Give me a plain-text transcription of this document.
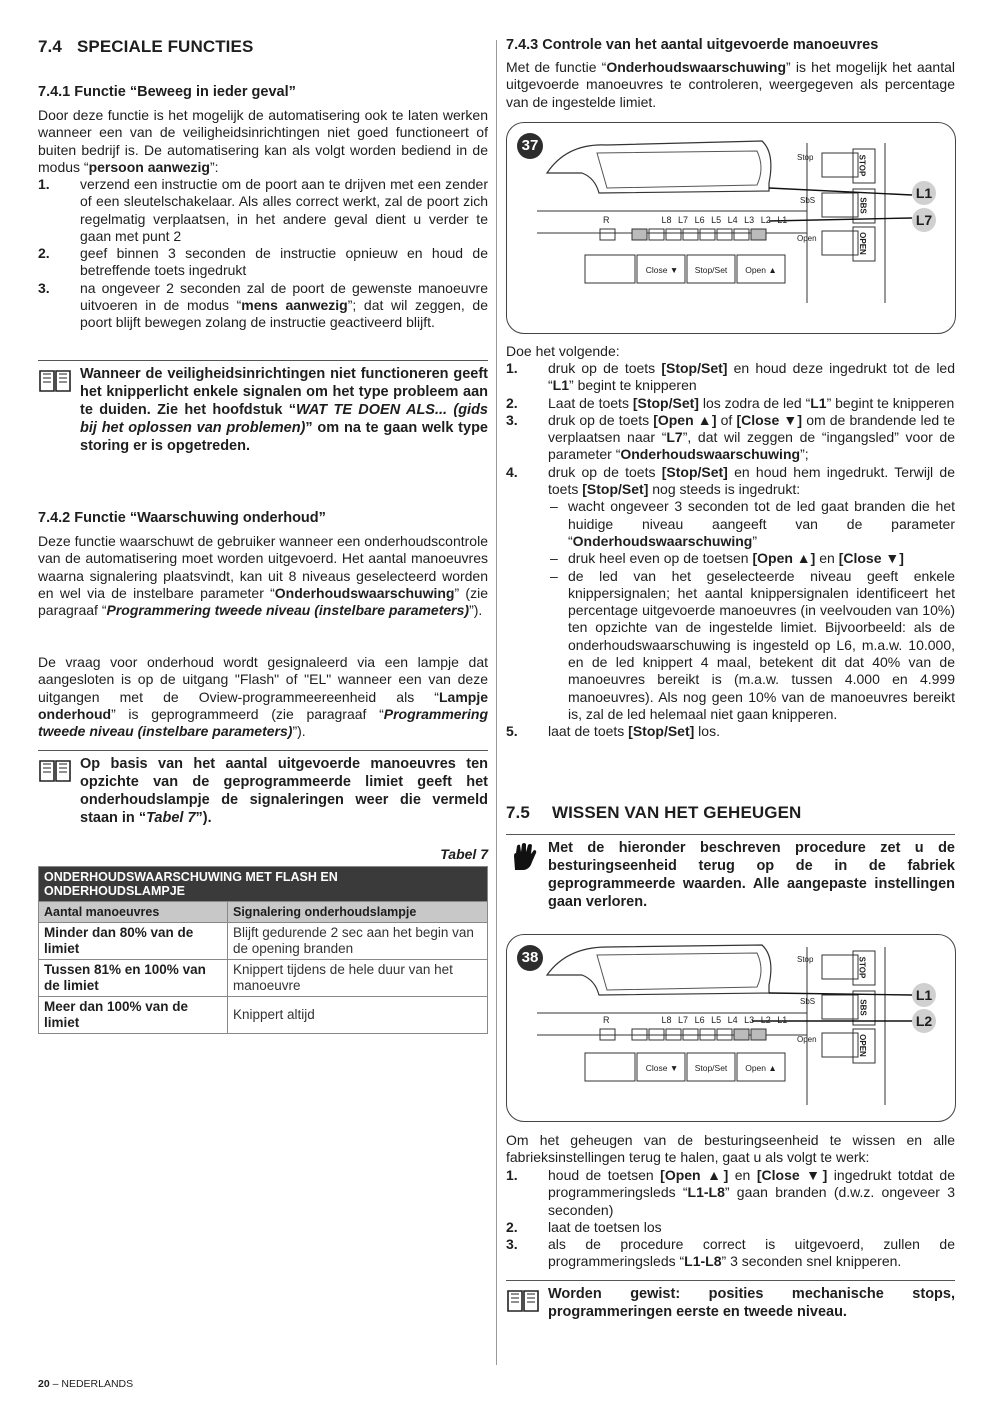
7.4 SPECIALE FUNCTIES
7.4.1 Functie “Beweeg in ieder geval”
Door deze functie is het mogelijk de automatisering ook te laten werken wanneer een van de veiligheidsinrichtingen niet goed functioneert of buiten bedrijf is. De automatisering kan als volgt worden bediend in de modus “persoon aanwezig”:
1. verzend een instructie om de poort aan te drijven met een zender of een sleutelschakelaar. Als alles correct werkt, zal de poort zich regelmatig verplaatsen, in het andere geval dient u verder te gaan met punt 2
2. geef binnen 3 seconden de instructie opnieuw en houd de betreffende toets ingedrukt
3. na ongeveer 2 seconden zal de poort de gewenste manoeuvre uitvoeren in de modus “mens aanwezig”; dat wil zeggen, de poort blijft bewegen zolang de instructie geactiveerd blijft.
Wanneer de veiligheidsinrichtingen niet functioneren geeft het knipperlicht enkele signalen om het type probleem aan te duiden. Zie het hoofdstuk “WAT TE DOEN ALS... (gids bij het oplossen van problemen)” om na te gaan welk type storing er is opgetreden.
7.4.2 Functie “Waarschuwing onderhoud”
Deze functie waarschuwt de gebruiker wanneer een onderhoudscontrole van de automatisering moet worden uitgevoerd. Het aantal manoeuvres waarna signalering plaatsvindt, kan uit 8 niveaus geselecteerd worden en wel via de instelbare parameter “Onderhoudswaarschuwing” (zie paragraaf “Programmering tweede niveau (instelbare parameters)”).
De vraag voor onderhoud wordt gesignaleerd via een lampje dat aangesloten is op de uitgang "Flash" of "EL" wanneer een van deze uitgangen met de Oview-programmeereenheid als “Lampje onderhoud” is geprogrammeerd (zie paragraaf “Programmering tweede niveau (instelbare parameters)”).
Op basis van het aantal uitgevoerde manoeuvres ten opzichte van de geprogrammeerde limiet geeft het onderhoudslampje de signaleringen weer die vermeld staan in “Tabel 7”).
Tabel 7
ONDERHOUDSWAARSCHUWING MET FLASH EN ONDERHOUDSLAMPJE	
Aantal manoeuvres	Signalering onderhoudslampje
Minder dan 80% van de limiet	Blijft gedurende 2 sec aan het begin van de opening branden
Tussen 81% en 100% van de limiet	Knippert tijdens de hele duur van het manoeuvre
Meer dan 100% van de limiet	Knippert altijd
7.4.3 Controle van het aantal uitgevoerde manoeuvres
Met de functie “Onderhoudswaarschuwing” is het mogelijk het aantal uitgevoerde manoeuvres te controleren, weergegeven als percentage van de ingestelde limiet.
37
R	L8 L7 L6 L5 L4 L3 L2 L1
Close ▼	Stop/Set	Open ▲
Stop
SbS
Open
STOP
SBS
OPEN
L1
L7
Doe het volgende:
1. druk op de toets [Stop/Set] en houd deze ingedrukt tot de led “L1” begint te knipperen
2. Laat de toets [Stop/Set] los zodra de led “L1” begint te knipperen
3. druk op de toets [Open ▲] of [Close ▼] om de brandende led te verplaatsen naar “L7”, dat wil zeggen de “ingangsled” voor de parameter “Onderhoudswaarschuwing”;
4. druk op de toets [Stop/Set] en houd hem ingedrukt. Terwijl de toets [Stop/Set] nog steeds is ingedrukt:
– wacht ongeveer 3 seconden tot de led gaat branden die het huidige niveau aangeeft van de parameter “Onderhoudswaarschuwing”
– druk heel even op de toetsen [Open ▲] en [Close ▼]
– de led van het geselecteerde niveau geeft enkele knippersignalen; het aantal knippersignalen identificeert het percentage uitgevoerde manoeuvres (in veelvouden van 10%) ten opzichte van de ingestelde limiet. Bijvoorbeeld: als de onderhoudswaarschuwing is ingesteld op L6, m.a.w. 10.000, en de led knippert 4 maal, betekent dit dat 40% van de manoeuvres bereikt is (m.a.w. tussen 4.000 en 4.999 manoeuvres). Als nog geen 10% van de manoeuvres bereikt is, zal de led helemaal niet gaan knipperen.
5. laat de toets [Stop/Set] los.
7.5 WISSEN VAN HET GEHEUGEN
Met de hieronder beschreven procedure zet u de besturingseenheid terug op de in de fabriek geprogrammeerde waarden. Alle aangepaste instellingen gaan verloren.
38
R	L8 L7 L6 L5 L4 L3 L2 L1
Close ▼	Stop/Set	Open ▲
Stop
SbS
Open
STOP
SBS
OPEN
L1
L2
Om het geheugen van de besturingseenheid te wissen en alle fabrieksinstellingen terug te halen, gaat u als volgt te werk:
1. houd de toetsen [Open ▲] en [Close ▼] ingedrukt totdat de programmeringsleds “L1-L8” gaan branden (d.w.z. ongeveer 3 seconden)
2. laat de toetsen los
3. als de procedure correct is uitgevoerd, zullen de programmeringsleds “L1-L8” 3 seconden snel knipperen.
Worden gewist: posities mechanische stops, programmeringen eerste en tweede niveau.
20 – NEDERLANDS
